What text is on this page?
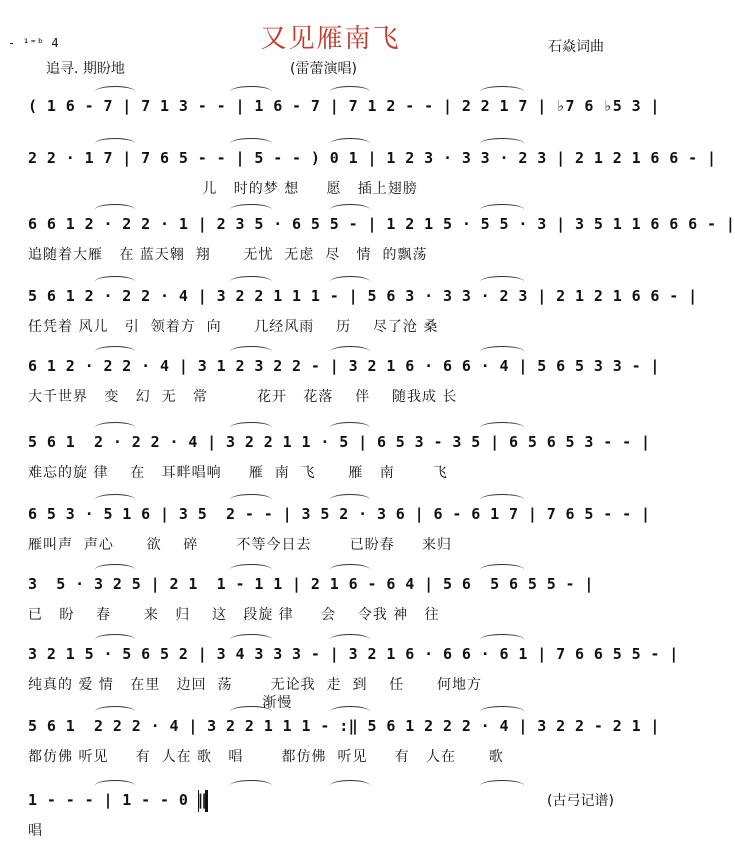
- ¹⁼ᵇ 4	又见雁南飞	石焱词曲
追寻. 期盼地	(雷蕾演唱)
( 1 6 - 7 | 7 1 3 - - | 1 6 - 7 | 7 1 2 - - | 2 2 1 7 | ♭7 6 ♭5 3 |
2 2 · 1 7 | 7 6 5 - - | 5 - - ) 0 1 | 1 2 3 · 3 3 · 2 3 | 2 1 2 1 6 6 - |
儿   时的梦 想     愿   插上翅膀
6 6 1 2 · 2 2 · 1 | 2 3 5 · 6 5 5 - | 1 2 1 5 · 5 5 · 3 | 3 5 1 1 6 6 6 - |
追随着大雁   在 蓝天翱  翔      无忧  无虑  尽   情  的飘荡
5 6 1 2 · 2 2 · 4 | 3 2 2 1 1 1 - | 5 6 3 · 3 3 · 2 3 | 2 1 2 1 6 6 - |
任凭着 风儿   引  领着方  向      几经风雨    历    尽了沧 桑
6 1 2 · 2 2 · 4 | 3 1 2 3 2 2 - | 3 2 1 6 · 6 6 · 4 | 5 6 5 3 3 - |
大千世界   变   幻  无   常         花开   花落    伴    随我成 长
5 6 1  2 · 2 2 · 4 | 3 2 2 1 1 · 5 | 6 5 3 - 3 5 | 6 5 6 5 3 - - |
难忘的旋 律    在   耳畔唱响     雁  南  飞      雁   南       飞
6 5 3 · 5 1 6 | 3 5  2 - - | 3 5 2 · 3 6 | 6 - 6 1 7 | 7 6 5 - - |
雁叫声  声心      欲    碎       不等今日去       已盼春     来归
3  5 · 3 2 5 | 2 1  1 - 1 1 | 2 1 6 - 6 4 | 5 6  5 6 5 5 - |
已   盼    春      来   归    这   段旋 律     会    令我 神   往
3 2 1 5 · 5 6 5 2 | 3 4 3 3 3 - | 3 2 1 6 · 6 6 · 6 1 | 7 6 6 5 5 - |
纯真的 爱 情   在里   边回  荡       无论我  走  到    任      何地方
渐慢
5 6 1  2 2 2 · 4 | 3 2 2 1 1 1 - :‖ 5 6 1 2 2 2 · 4 | 3 2 2 - 2 1 |
都仿佛 听见     有  人在 歌   唱       都仿佛  听见     有   人在      歌
1 - - - | 1 - - 0 ‖
唱
(古弓记谱)
